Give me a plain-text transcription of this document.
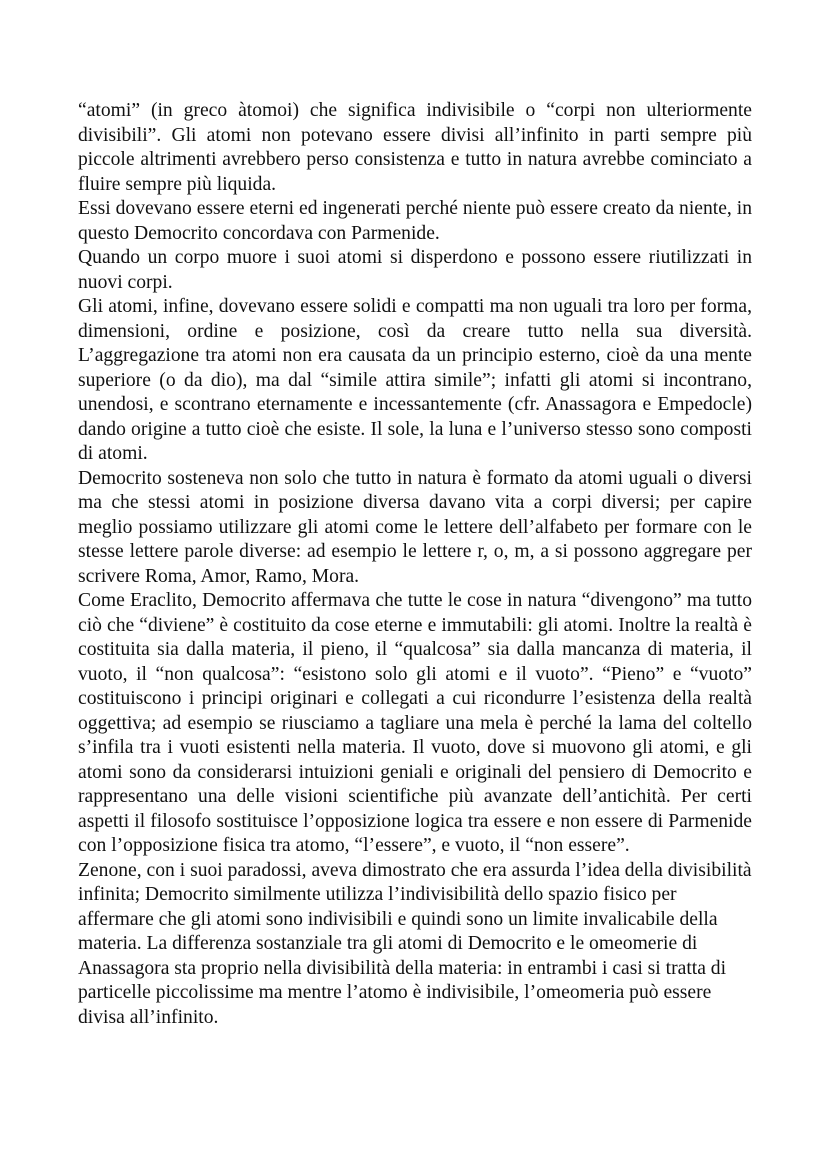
“atomi” (in greco àtomoi) che significa indivisibile o “corpi non ulteriormente divisibili”. Gli atomi non potevano essere divisi all’infinito in parti sempre più piccole altrimenti avrebbero perso consistenza e tutto in natura avrebbe cominciato a fluire sempre più liquida.

Essi dovevano essere eterni ed ingenerati perché niente può essere creato da niente, in questo Democrito concordava con Parmenide.

Quando un corpo muore i suoi atomi si disperdono e possono essere riutilizzati in nuovi corpi.

Gli atomi, infine, dovevano essere solidi e compatti ma non uguali tra loro per forma, dimensioni, ordine e posizione, così da creare tutto nella sua diversità. L’aggregazione tra atomi non era causata da un principio esterno, cioè da una mente superiore (o da dio), ma dal “simile attira simile”; infatti gli atomi si incontrano, unendosi, e scontrano eternamente e incessantemente (cfr. Anassagora e Empedocle) dando origine a tutto cioè che esiste. Il sole, la luna e l’universo stesso sono composti di atomi.

Democrito sosteneva non solo che tutto in natura è formato da atomi uguali o diversi ma che stessi atomi in posizione diversa davano vita a corpi diversi; per capire meglio possiamo utilizzare gli atomi come le lettere dell’alfabeto per formare con le stesse lettere parole diverse: ad esempio le lettere r, o, m, a si possono aggregare per scrivere Roma, Amor, Ramo, Mora.

Come Eraclito, Democrito affermava che tutte le cose in natura “divengono” ma tutto ciò che “diviene” è costituito da cose eterne e immutabili: gli atomi. Inoltre la realtà è costituita sia dalla materia, il pieno, il “qualcosa” sia dalla mancanza di materia, il vuoto, il “non qualcosa”: “esistono solo gli atomi e il vuoto”. “Pieno” e “vuoto” costituiscono i principi originari e collegati a cui ricondurre l’esistenza della realtà oggettiva; ad esempio se riusciamo a tagliare una mela è perché la lama del coltello s’infila tra i vuoti esistenti nella materia. Il vuoto, dove si muovono gli atomi, e gli atomi sono da considerarsi intuizioni geniali e originali del pensiero di Democrito e rappresentano una delle visioni scientifiche più avanzate dell’antichità. Per certi aspetti il filosofo sostituisce l’opposizione logica tra essere e non essere di Parmenide con l’opposizione fisica tra atomo, “l’essere”, e vuoto, il “non essere”.

Zenone, con i suoi paradossi, aveva dimostrato che era assurda l’idea della divisibilità infinita; Democrito similmente utilizza l’indivisibilità dello spazio fisico per affermare che gli atomi sono indivisibili e quindi sono un limite invalicabile della materia. La differenza sostanziale tra gli atomi di Democrito e le omeomerie di Anassagora sta proprio nella divisibilità della materia: in entrambi i casi si tratta di particelle piccolissime ma mentre l’atomo è indivisibile, l’omeomeria può essere divisa all’infinito.
